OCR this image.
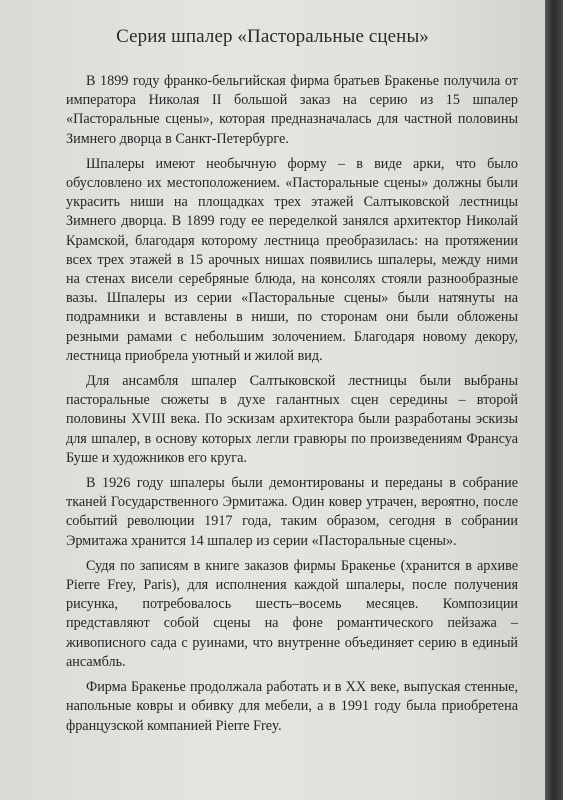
Серия шпалер «Пасторальные сцены»

В 1899 году франко-бельгийская фирма братьев Бракенье получила от императора Николая II большой заказ на серию из 15 шпалер «Пасторальные сцены», которая предназначалась для частной половины Зимнего дворца в Санкт-Петербурге.

Шпалеры имеют необычную форму – в виде арки, что было обусловлено их местоположением. «Пасторальные сцены» должны были украсить ниши на площадках трех этажей Салтыковской лестницы Зимнего дворца. В 1899 году ее переделкой занялся архитектор Николай Крамской, благодаря которому лестница преобразилась: на протяжении всех трех этажей в 15 арочных нишах появились шпалеры, между ними на стенах висели серебряные блюда, на консолях стояли разнообразные вазы. Шпалеры из серии «Пасторальные сцены» были натянуты на подрамники и вставлены в ниши, по сторонам они были обложены резными рамами с небольшим золочением. Благодаря новому декору, лестница приобрела уютный и жилой вид.

Для ансамбля шпалер Салтыковской лестницы были выбраны пасторальные сюжеты в духе галантных сцен середины – второй половины XVIII века. По эскизам архитектора были разработаны эскизы для шпалер, в основу которых легли гравюры по произведениям Франсуа Буше и художников его круга.

В 1926 году шпалеры были демонтированы и переданы в собрание тканей Государственного Эрмитажа. Один ковер утрачен, вероятно, после событий революции 1917 года, таким образом, сегодня в собрании Эрмитажа хранится 14 шпалер из серии «Пасторальные сцены».

Судя по записям в книге заказов фирмы Бракенье (хранится в архиве Pierre Frey, Paris), для исполнения каждой шпалеры, после получения рисунка, потребовалось шесть–восемь месяцев. Композиции представляют собой сцены на фоне романтического пейзажа – живописного сада с руинами, что внутренне объединяет серию в единый ансамбль.

Фирма Бракенье продолжала работать и в XX веке, выпуская стенные, напольные ковры и обивку для мебели, а в 1991 году была приобретена французской компанией Pierre Frey.
